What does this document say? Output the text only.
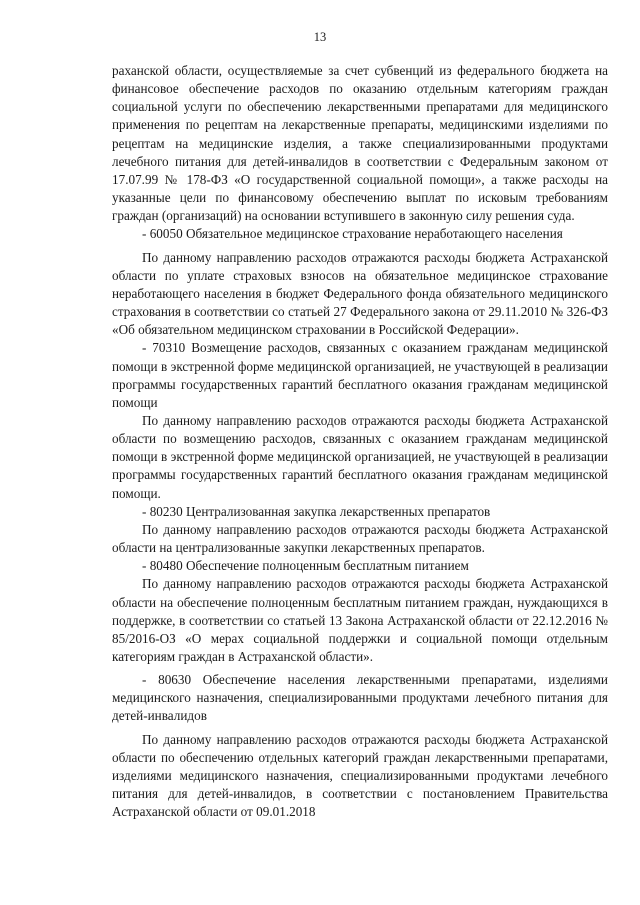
13

раханской области, осуществляемые за счет субвенций из федерального бюджета на финансовое обеспечение расходов по оказанию отдельным категориям граждан социальной услуги по обеспечению лекарственными препаратами для медицинского применения по рецептам на лекарственные препараты, медицинскими изделиями по рецептам на медицинские изделия, а также специализированными продуктами лечебного питания для детей-инвалидов в соответствии с Федеральным законом от 17.07.99 № 178-ФЗ «О государственной социальной помощи», а также расходы на указанные цели по финансовому обеспечению выплат по исковым требованиям граждан (организаций) на основании вступившего в законную силу решения суда.

- 60050 Обязательное медицинское страхование неработающего населения

По данному направлению расходов отражаются расходы бюджета Астраханской области по уплате страховых взносов на обязательное медицинское страхование неработающего населения в бюджет Федерального фонда обязательного медицинского страхования в соответствии со статьей 27 Федерального закона от 29.11.2010 № 326-ФЗ «Об обязательном медицинском страховании в Российской Федерации».

- 70310 Возмещение расходов, связанных с оказанием гражданам медицинской помощи в экстренной форме медицинской организацией, не участвующей в реализации программы государственных гарантий бесплатного оказания гражданам медицинской помощи

По данному направлению расходов отражаются расходы бюджета Астраханской области по возмещению расходов, связанных с оказанием гражданам медицинской помощи в экстренной форме медицинской организацией, не участвующей в реализации программы государственных гарантий бесплатного оказания гражданам медицинской помощи.

- 80230 Централизованная закупка лекарственных препаратов

По данному направлению расходов отражаются расходы бюджета Астраханской области на централизованные закупки лекарственных препаратов.

- 80480 Обеспечение полноценным бесплатным питанием

По данному направлению расходов отражаются расходы бюджета Астраханской области на обеспечение полноценным бесплатным питанием граждан, нуждающихся в поддержке, в соответствии со статьей 13 Закона Астраханской области от 22.12.2016 № 85/2016-ОЗ «О мерах социальной поддержки и социальной помощи отдельным категориям граждан в Астраханской области».

- 80630 Обеспечение населения лекарственными препаратами, изделиями медицинского назначения, специализированными продуктами лечебного питания для детей-инвалидов

По данному направлению расходов отражаются расходы бюджета Астраханской области по обеспечению отдельных категорий граждан лекарственными препаратами, изделиями медицинского назначения, специализированными продуктами лечебного питания для детей-инвалидов, в соответствии с постановлением Правительства Астраханской области от 09.01.2018
